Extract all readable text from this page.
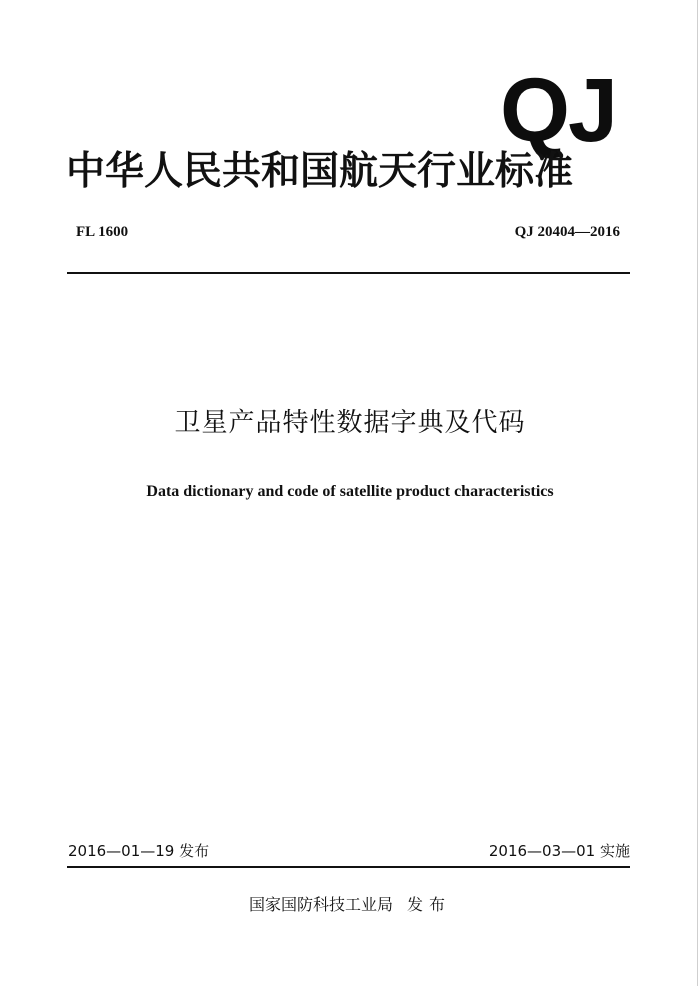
QJ
中华人民共和国航天行业标准
FL 1600	QJ 20404—2016
卫星产品特性数据字典及代码
Data dictionary and code of satellite product characteristics
2016—01—19 发布	2016—03—01 实施
国家国防科技工业局 发布
